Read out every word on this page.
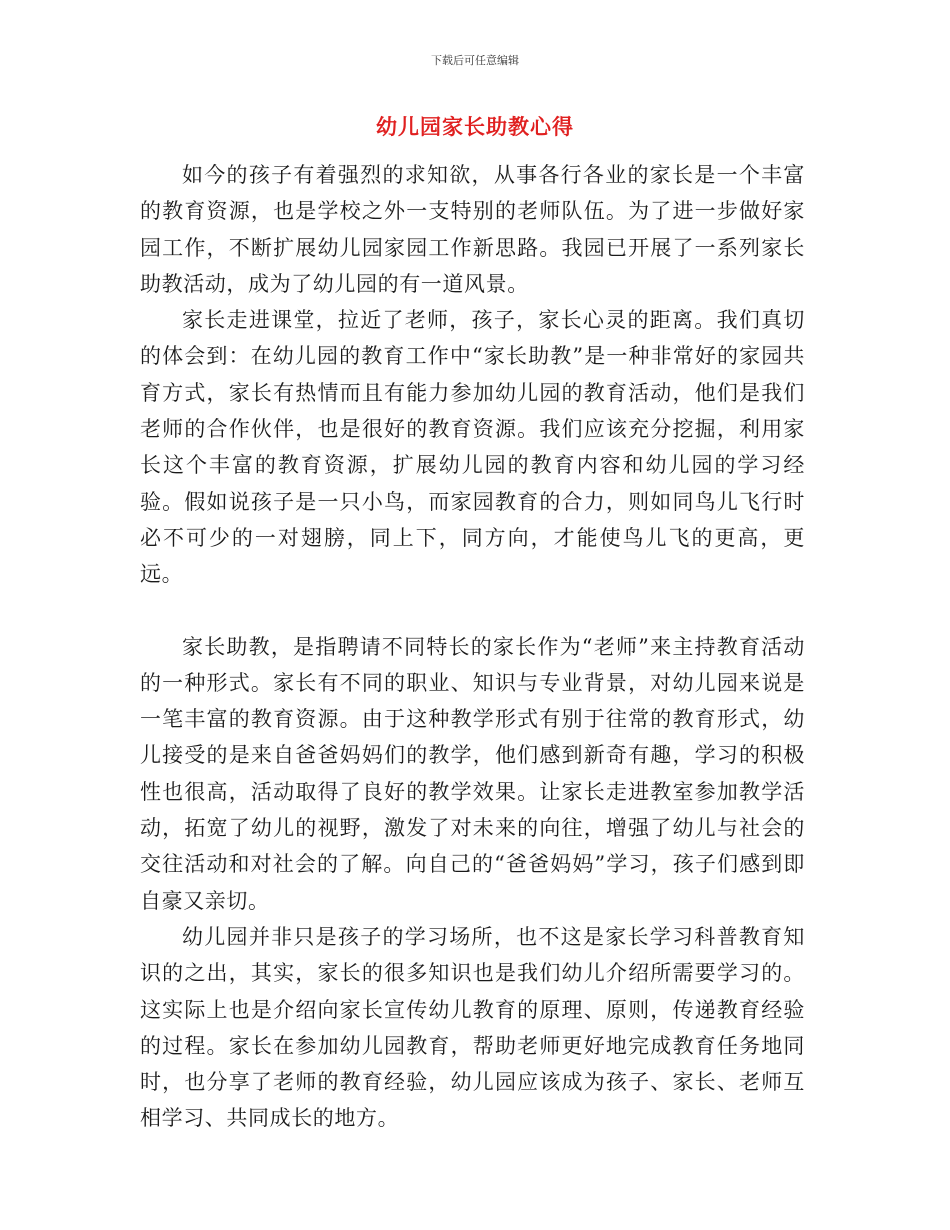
下载后可任意编辑
幼儿园家长助教心得

如今的孩子有着强烈的求知欲，从事各行各业的家长是一个丰富的教育资源，也是学校之外一支特别的老师队伍。为了进一步做好家园工作，不断扩展幼儿园家园工作新思路。我园已开展了一系列家长助教活动，成为了幼儿园的有一道风景。

家长走进课堂，拉近了老师，孩子，家长心灵的距离。我们真切的体会到：在幼儿园的教育工作中“家长助教”是一种非常好的家园共育方式，家长有热情而且有能力参加幼儿园的教育活动，他们是我们老师的合作伙伴，也是很好的教育资源。我们应该充分挖掘，利用家长这个丰富的教育资源，扩展幼儿园的教育内容和幼儿园的学习经验。假如说孩子是一只小鸟，而家园教育的合力，则如同鸟儿飞行时必不可少的一对翅膀，同上下，同方向，才能使鸟儿飞的更高，更远。

家长助教，是指聘请不同特长的家长作为“老师”来主持教育活动的一种形式。家长有不同的职业、知识与专业背景，对幼儿园来说是一笔丰富的教育资源。由于这种教学形式有别于往常的教育形式，幼儿接受的是来自爸爸妈妈们的教学，他们感到新奇有趣，学习的积极性也很高，活动取得了良好的教学效果。让家长走进教室参加教学活动，拓宽了幼儿的视野，激发了对未来的向往，增强了幼儿与社会的交往活动和对社会的了解。向自己的“爸爸妈妈”学习，孩子们感到即自豪又亲切。

幼儿园并非只是孩子的学习场所，也不这是家长学习科普教育知识的之出，其实，家长的很多知识也是我们幼儿介绍所需要学习的。这实际上也是介绍向家长宣传幼儿教育的原理、原则，传递教育经验的过程。家长在参加幼儿园教育，帮助老师更好地完成教育任务地同时，也分享了老师的教育经验，幼儿园应该成为孩子、家长、老师互相学习、共同成长的地方。
